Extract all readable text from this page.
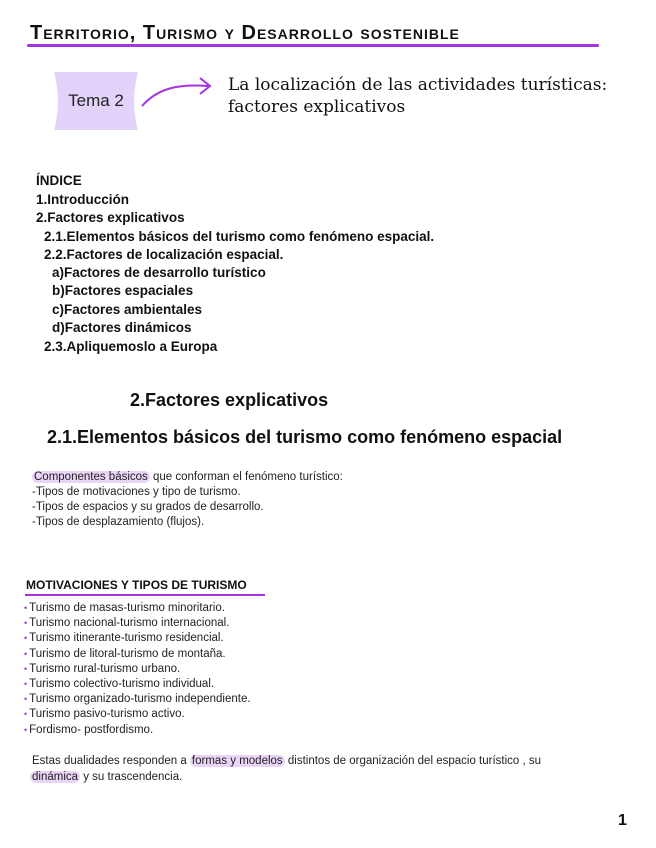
Territorio, Turismo y Desarrollo sostenible
Tema 2
La localización de las actividades turísticas:
factores explicativos
ÍNDICE
1.Introducción
2.Factores explicativos
2.1.Elementos básicos del turismo como fenómeno espacial.
2.2.Factores de localización espacial.
a)Factores de desarrollo turístico
b)Factores espaciales
c)Factores ambientales
d)Factores dinámicos
2.3.Apliquemoslo a Europa
2.Factores explicativos
2.1.Elementos básicos del turismo como fenómeno espacial
Componentes básicos que conforman el fenómeno turístico:
-Tipos de motivaciones y tipo de turismo.
-Tipos de espacios y su grados de desarrollo.
-Tipos de desplazamiento (flujos).
MOTIVACIONES Y TIPOS DE TURISMO
• Turismo de masas-turismo minoritario.
• Turismo nacional-turismo internacional.
• Turismo itinerante-turismo residencial.
• Turismo de litoral-turismo de montaña.
• Turismo rural-turismo urbano.
• Turismo colectivo-turismo individual.
• Turismo organizado-turismo independiente.
• Turismo pasivo-turismo activo.
• Fordismo- postfordismo.
Estas dualidades responden a formas y modelos distintos de organización del espacio turístico , su
dinámica y su trascendencia.
1
